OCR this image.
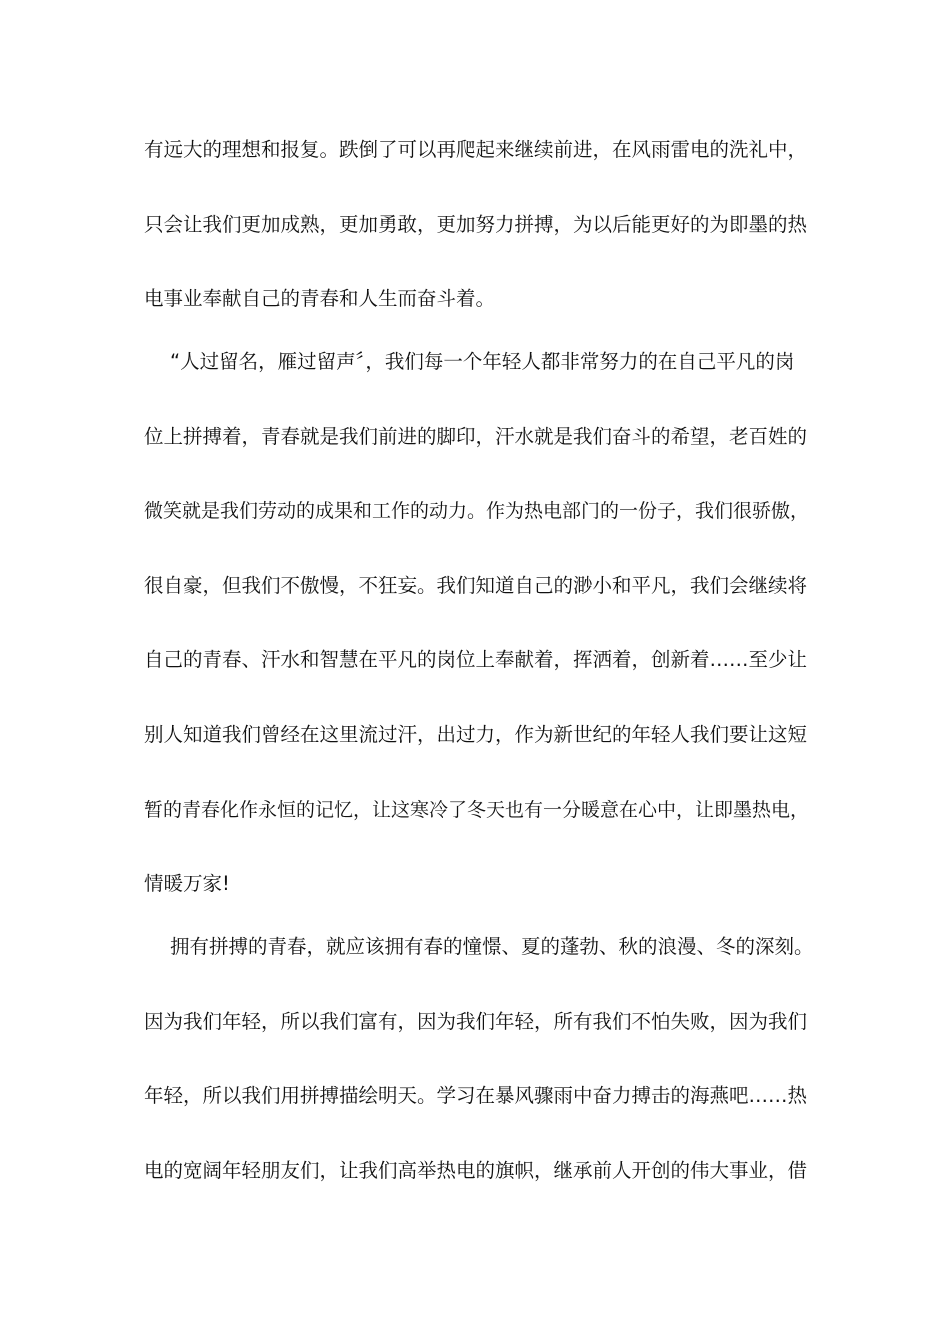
有远大的理想和报复。跌倒了可以再爬起来继续前进，在风雨雷电的洗礼中，
只会让我们更加成熟，更加勇敢，更加努力拼搏，为以后能更好的为即墨的热
电事业奉献自己的青春和人生而奋斗着。
“人过留名，雁过留声〞，我们每一个年轻人都非常努力的在自己平凡的岗
位上拼搏着，青春就是我们前进的脚印，汗水就是我们奋斗的希望，老百姓的
微笑就是我们劳动的成果和工作的动力。作为热电部门的一份子，我们很骄傲，
很自豪，但我们不傲慢，不狂妄。我们知道自己的渺小和平凡，我们会继续将
自己的青春、汗水和智慧在平凡的岗位上奉献着，挥洒着，创新着……至少让
别人知道我们曾经在这里流过汗，出过力，作为新世纪的年轻人我们要让这短
暂的青春化作永恒的记忆，让这寒冷了冬天也有一分暖意在心中，让即墨热电，
情暖万家!
拥有拼搏的青春，就应该拥有春的憧憬、夏的蓬勃、秋的浪漫、冬的深刻。
因为我们年轻，所以我们富有，因为我们年轻，所有我们不怕失败，因为我们
年轻，所以我们用拼搏描绘明天。学习在暴风骤雨中奋力搏击的海燕吧……热
电的宽阔年轻朋友们，让我们高举热电的旗帜，继承前人开创的伟大事业，借
